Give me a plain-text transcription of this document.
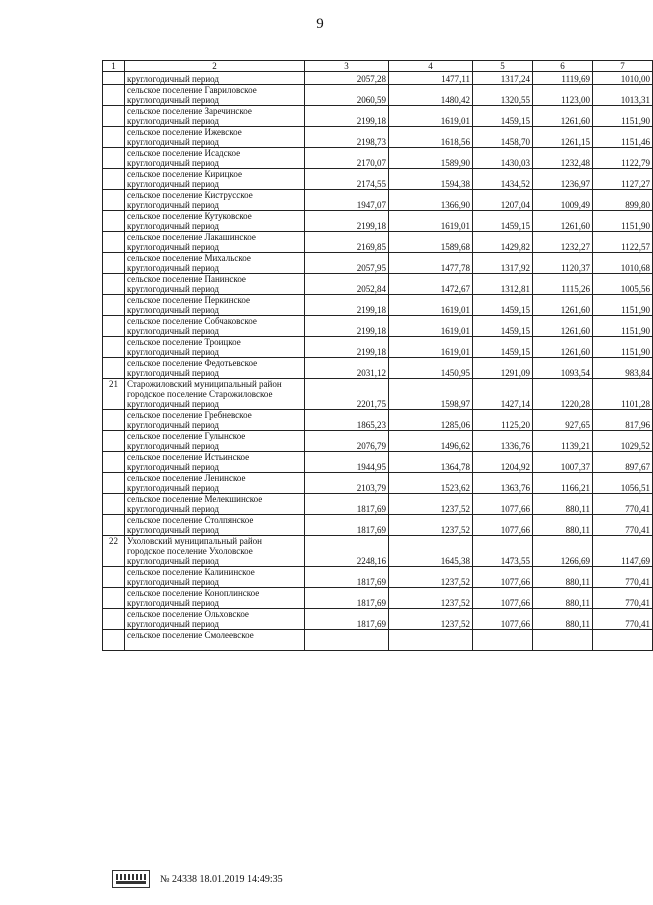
9
1	2	3	4	5	6	7

	круглогодичный период	2057,28	1477,11	1317,24	1119,69	1010,00

	сельское поселение Гавриловское
круглогодичный период	2060,59	1480,42	1320,55	1123,00	1013,31

	сельское поселение Заречинское
круглогодичный период	2199,18	1619,01	1459,15	1261,60	1151,90

	сельское поселение Ижевское
круглогодичный период	2198,73	1618,56	1458,70	1261,15	1151,46

	сельское поселение Исадское
круглогодичный период	2170,07	1589,90	1430,03	1232,48	1122,79

	сельское поселение Кирицкое
круглогодичный период	2174,55	1594,38	1434,52	1236,97	1127,27

	сельское поселение Киструсское
круглогодичный период	1947,07	1366,90	1207,04	1009,49	899,80

	сельское поселение Кутуковское
круглогодичный период	2199,18	1619,01	1459,15	1261,60	1151,90

	сельское поселение Лакашинское
круглогодичный период	2169,85	1589,68	1429,82	1232,27	1122,57

	сельское поселение Михальское
круглогодичный период	2057,95	1477,78	1317,92	1120,37	1010,68

	сельское поселение Панинское
круглогодичный период	2052,84	1472,67	1312,81	1115,26	1005,56

	сельское поселение Перкинское
круглогодичный период	2199,18	1619,01	1459,15	1261,60	1151,90

	сельское поселение Собчаковское
круглогодичный период	2199,18	1619,01	1459,15	1261,60	1151,90

	сельское поселение Троицкое
круглогодичный период	2199,18	1619,01	1459,15	1261,60	1151,90

	сельское поселение Федотьевское
круглогодичный период	2031,12	1450,95	1291,09	1093,54	983,84
21	Старожиловский муниципальный район
городское поселение Старожиловское
круглогодичный период	2201,75	1598,97	1427,14	1220,28	1101,28

	сельское поселение Гребневское
круглогодичный период	1865,23	1285,06	1125,20	927,65	817,96

	сельское поселение Гулынское
круглогодичный период	2076,79	1496,62	1336,76	1139,21	1029,52

	сельское поселение Истьинское
круглогодичный период	1944,95	1364,78	1204,92	1007,37	897,67

	сельское поселение Ленинское
круглогодичный период	2103,79	1523,62	1363,76	1166,21	1056,51

	сельское поселение Мелекшинское
круглогодичный период	1817,69	1237,52	1077,66	880,11	770,41

	сельское поселение Столпянское
круглогодичный период	1817,69	1237,52	1077,66	880,11	770,41
22	Ухоловский муниципальный район
городское поселение Ухоловское
круглогодичный период	2248,16	1645,38	1473,55	1266,69	1147,69

	сельское поселение Калининское
круглогодичный период	1817,69	1237,52	1077,66	880,11	770,41

	сельское поселение Коноплинское
круглогодичный период	1817,69	1237,52	1077,66	880,11	770,41

	сельское поселение Ольховское
круглогодичный период	1817,69	1237,52	1077,66	880,11	770,41

	сельское поселение Смолеевское					

№ 24338 18.01.2019 14:49:35
